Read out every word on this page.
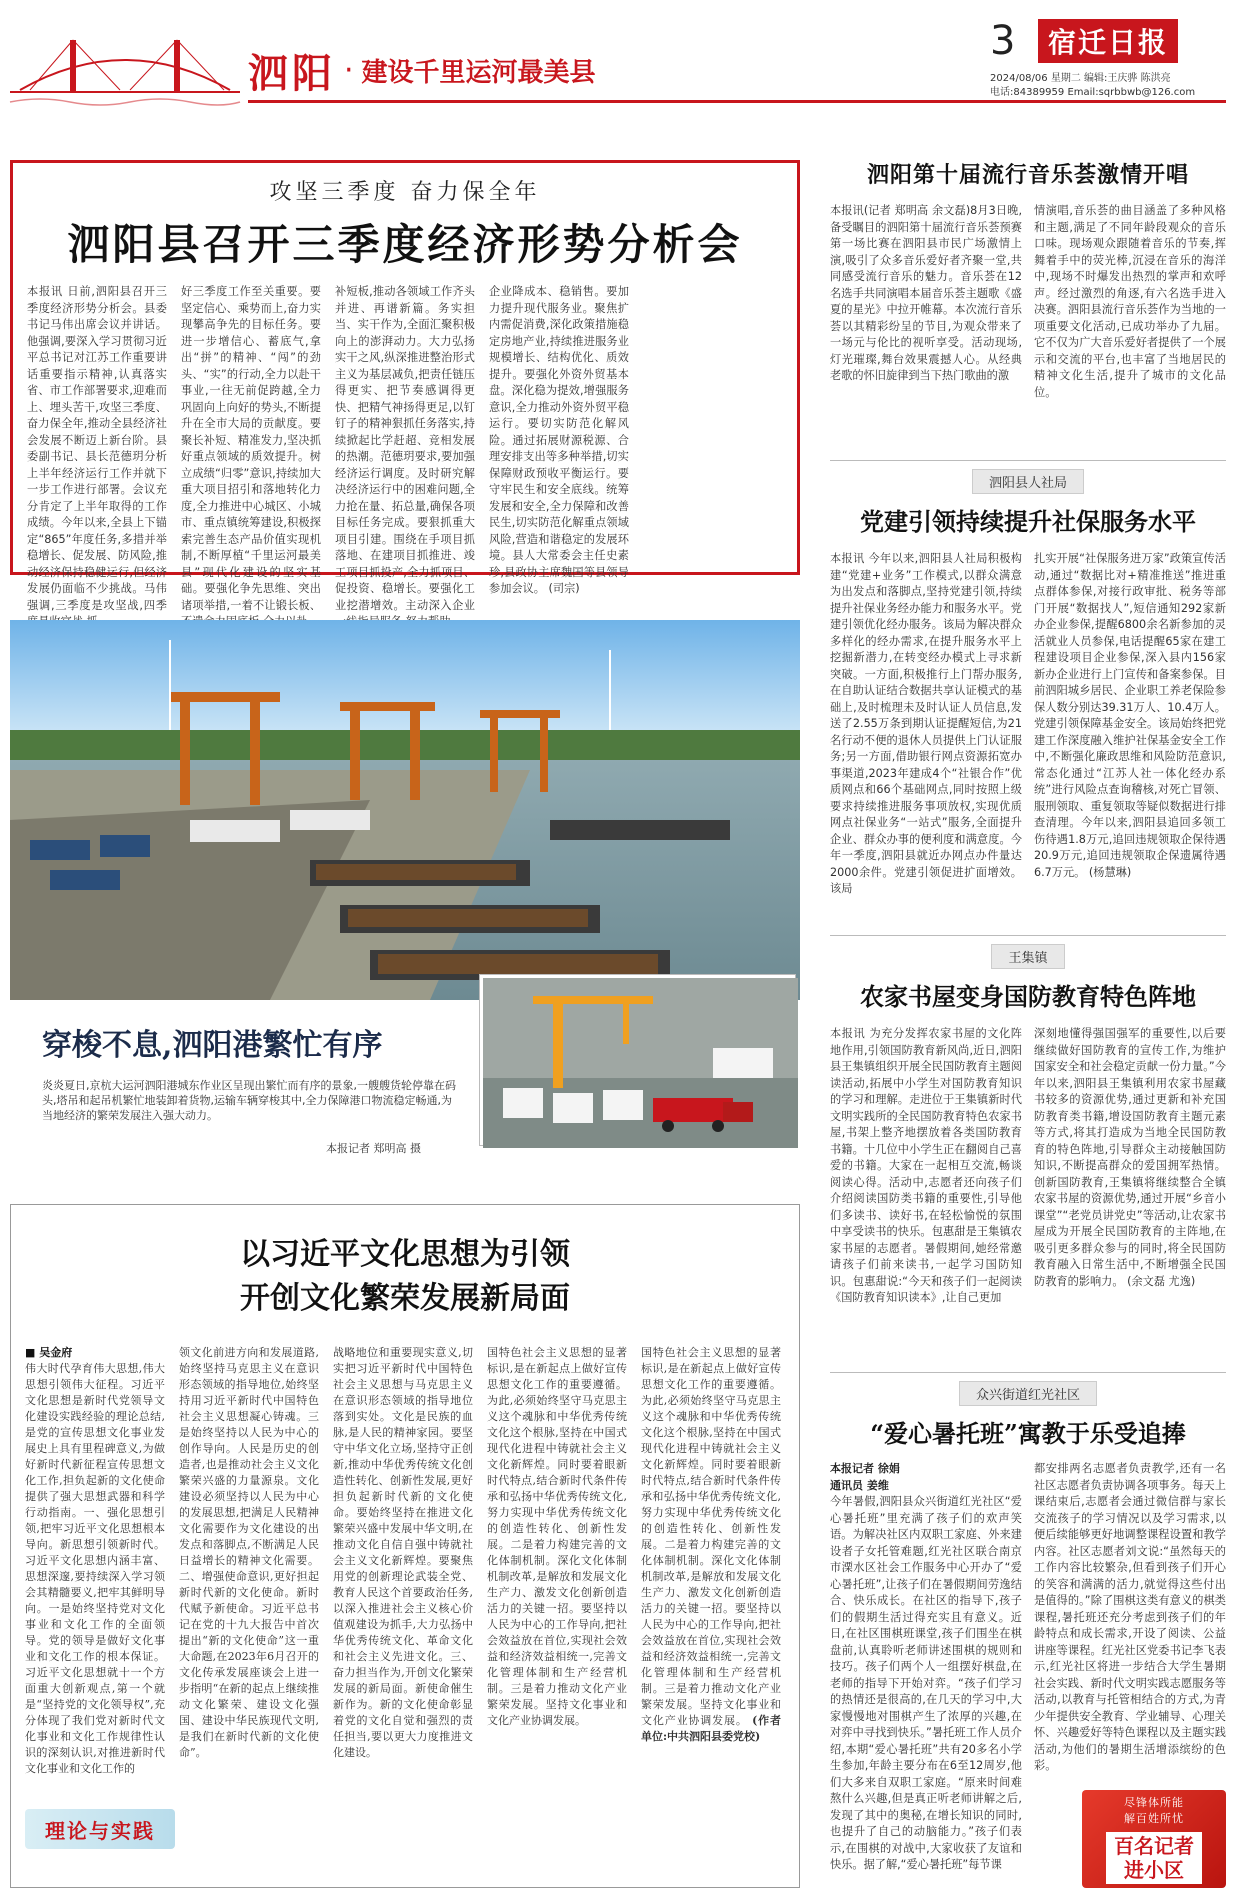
泗阳 · 建设千里运河最美县
3	宿迁日报
2024/08/06 星期二 编辑:王庆骅 陈洪亮
电话:84389959 Email:sqrbbwb@126.com
攻坚三季度 奋力保全年
泗阳县召开三季度经济形势分析会
本报讯 日前,泗阳县召开三季度经济形势分析会。县委书记马伟出席会议并讲话。他强调,要深入学习贯彻习近平总书记对江苏工作重要讲话重要指示精神,认真落实省、市工作部署要求,迎难而上、埋头苦干,攻坚三季度、奋力保全年,推动全县经济社会发展不断迈上新台阶。县委副书记、县长范德玥分析上半年经济运行工作并就下一步工作进行部署。会议充分肯定了上半年取得的工作成绩。今年以来,全县上下锚定“865”年度任务,多措并举稳增长、促发展、防风险,推动经济保持稳健运行,但经济发展仍面临不少挑战。马伟强调,三季度是攻坚战,四季
好三季度工作至关重要。要坚定信心、乘势而上,奋力实现攀高争先的目标任务。要进一步增信心、蓄底气,拿出“拼”的精神、“闯”的劲头、“实”的行动,全力以赴干事业,一往无前促跨越,全力巩固向上向好的势头,不断提升在全市大局的贡献度。要聚长补短、精准发力,坚决抓好重点领域的质效提升。树立成绩“归零”意识,持续加大重大项目招引和落地转化力度,全力推进中心城区、小城市、重点镇统筹建设,积极探索完善生态产品价值实现机制,不断厚植“千里运河最美县”现代化建设的坚实基础。要强化争先思维、突出诸项举措,一着不让锻长板、
补短板,推动各领域工作齐头并进、再谱新篇。务实担当、实干作为,全面汇聚积极向上的澎湃动力。大力弘扬实干之风,纵深推进整治形式主义为基层减负,把责任链压得更实、把节奏感调得更快、把精气神扬得更足,以钉钉子的精神狠抓任务落实,持续掀起比学赶超、竞相发展的热潮。范德玥要求,要加强经济运行调度。及时研究解决经济运行中的困难问题,全力抢在量、拓总量,确保各项目标任务完成。要狠抓重大项目引建。围绕在手项目抓落地、在建项目抓推进、竣工项目抓投产,全力抓项目、促投资、稳增长。要强化工业挖潜增效。主动深入企业
企业降成本、稳销售。要加力提升现代服务业。聚焦扩内需促消费,深化政策措施稳定房地产业,持续推进服务业规模增长、结构优化、质效提升。要强化外资外贸基本盘。深化稳为提效,增强服务意识,全力推动外资外贸平稳运行。要切实防范化解风险。通过拓展财源税源、合理安排支出等多种举措,切实保障财政预收平衡运行。要守牢民生和安全底线。统筹发展和安全,全力保障和改善民生,切实防范化解重点领域风险,营造和谐稳定的发展环境。县人大常委会主任史素珍,县政协主席魏国等县领导参加会议。 (司宗)
穿梭不息,泗阳港繁忙有序
炎炎夏日,京杭大运河泗阳港城东作业区呈现出繁忙而有序的景象,一艘艘货轮停靠在码头,塔吊和起吊机繁忙地装卸着货物,运输车辆穿梭其中,全力保障港口物流稳定畅通,为当地经济的繁荣发展注入强大动力。
本报记者 郑明高 摄
以习近平文化思想为引领
开创文化繁荣发展新局面
■ 吴金府
伟大时代孕育伟大思想,伟大思想引领伟大征程。习近平文化思想是新时代党领导文化建设实践经验的理论总结,是党的宣传思想文化事业发展史上具有里程碑意义,为做好新时代新征程宣传思想文化工作,担负起新的文化使命提供了强大思想武器和科学行动指南。一、强化思想引领,把牢习近平文化思想根本导向。新思想引领新时代。习近平文化思想内涵丰富、思想深邃,要持续深入学习领会其精髓要义,把牢其鲜明导向。一是始终坚持党对文化事业和文化工作的全面领导。党的领导是做好文化事业和文化工作的根本保证。习近平文化思想就十一个方面重大创新观点,第一个就是“坚持党的文化领导权”,充分体现了我们党对新时代文化事业和文化工作规律性认识的深刻认识,对推进新时代文化事业和文化工作的
领文化前进方向和发展道路,始终坚持马克思主义在意识形态领域的指导地位,始终坚持用习近平新时代中国特色社会主义思想凝心铸魂。三是始终坚持以人民为中心的创作导向。人民是历史的创造者,也是推动社会主义文化繁荣兴盛的力量源泉。文化建设必须坚持以人民为中心的发展思想,把满足人民精神文化需要作为文化建设的出发点和落脚点,不断满足人民日益增长的精神文化需要。二、增强使命意识,更好担起新时代新的文化使命。新时代赋予新使命。习近平总书记在党的十九大报告中首次提出“新的文化使命”这一重大命题,在2023年6月召开的文化传承发展座谈会上进一步指明“在新的起点上继续推动文化繁荣、建设文化强国、建设中华民族现代文明,是我们在新时代新的文化使命”。
战略地位和重要现实意义,切实把习近平新时代中国特色社会主义思想与马克思主义在意识形态领域的指导地位落到实处。文化是民族的血脉,是人民的精神家园。要坚守中华文化立场,坚持守正创新,推动中华优秀传统文化创造性转化、创新性发展,更好担负起新时代新的文化使命。要始终坚持在推进文化繁荣兴盛中发展中华文明,在推动文化自信自强中铸就社会主义文化新辉煌。要聚焦用党的创新理论武装全党、教育人民这个首要政治任务,以深入推进社会主义核心价值观建设为抓手,大力弘扬中华优秀传统文化、革命文化和社会主义先进文化。三、奋力担当作为,开创文化繁荣发展的新局面。新使命催生新作为。新的文化使命彰显着党的文化自觉和强烈的责任担当,要以更大力度推进文化建设。
国特色社会主义思想的显著标识,是在新起点上做好宣传思想文化工作的重要遵循。为此,必须始终坚守马克思主义这个魂脉和中华优秀传统文化这个根脉,坚持在中国式现代化进程中铸就社会主义文化新辉煌。同时要着眼新时代特点,结合新时代条件传承和弘扬中华优秀传统文化,努力实现中华优秀传统文化的创造性转化、创新性发展。二是着力构建完善的文化体制机制。深化文化体制机制改革,是解放和发展文化生产力、激发文化创新创造活力的关键一招。要坚持以人民为中心的工作导向,把社会效益放在首位,实现社会效益和经济效益相统一,完善文化管理体制和生产经营机制。三是着力推动文化产业繁荣发展。坚持文化事业和文化产业协调发展。
国特色社会主义思想的显著标识,是在新起点上做好宣传思想文化工作的重要遵循。为此,必须始终坚守马克思主义这个魂脉和中华优秀传统文化这个根脉,坚持在中国式现代化进程中铸就社会主义文化新辉煌。同时要着眼新时代特点,结合新时代条件传承和弘扬中华优秀传统文化,努力实现中华优秀传统文化的创造性转化、创新性发展。二是着力构建完善的文化体制机制。深化文化体制机制改革,是解放和发展文化生产力、激发文化创新创造活力的关键一招。要坚持以人民为中心的工作导向,把社会效益放在首位,实现社会效益和经济效益相统一,完善文化管理体制和生产经营机制。三是着力推动文化产业繁荣发展。坚持文化事业和文化产业协调发展。 (作者单位:中共泗阳县委党校)
理论与实践
泗阳第十届流行音乐荟激情开唱
本报讯(记者 郑明高 余文磊)8月3日晚,备受瞩目的泗阳第十届流行音乐荟预赛第一场比赛在泗阳县市民广场激情上演,吸引了众多音乐爱好者齐聚一堂,共同感受流行音乐的魅力。音乐荟在12名选手共同演唱本届音乐荟主题歌《盛夏的星光》中拉开帷幕。本次流行音乐荟以其精彩纷呈的节目,为观众带来了一场元与伦比的视听享受。活动现场,灯光璀璨,舞台效果震撼人心。从经典老歌的怀旧旋律到当下热门歌曲的激
情演唱,音乐荟的曲目涵盖了多种风格和主题,满足了不同年龄段观众的音乐口味。现场观众跟随着音乐的节奏,挥舞着手中的荧光棒,沉浸在音乐的海洋中,现场不时爆发出热烈的掌声和欢呼声。经过激烈的角逐,有六名选手进入决赛。泗阳县流行音乐荟作为当地的一项重要文化活动,已成功举办了九届。它不仅为广大音乐爱好者提供了一个展示和交流的平台,也丰富了当地居民的精神文化生活,提升了城市的文化品位。
泗阳县人社局
党建引领持续提升社保服务水平
本报讯 今年以来,泗阳县人社局积极构建“党建+业务”工作模式,以群众满意为出发点和落脚点,坚持党建引领,持续提升社保业务经办能力和服务水平。党建引领优化经办服务。该局为解决群众多样化的经办需求,在提升服务水平上挖掘新潜力,在转变经办模式上寻求新突破。一方面,积极推行上门帮办服务,在自助认证结合数据共享认证模式的基础上,及时梳理未及时认证人员信息,发送了2.55万条到期认证提醒短信,为21名行动不便的退休人员提供上门认证服务;另一方面,借助银行网点资源拓宽办事渠道,2023年建成4个“社银合作”优质网点和66个基础网点,同时按照上级要求持续推进服务事项放权,实现优质网点社保业务“一站式”服务,全面提升企业、群众办事的便利度和满意度。今年一季度,泗阳县就近办网点办件量达2000余件。党建引领促进扩面增效。该局
扎实开展“社保服务进万家”政策宣传活动,通过“数据比对+精准推送”推进重点群体参保,对接行政审批、税务等部门开展“数据找人”,短信通知292家新办企业参保,提醒6800余名新参加的灵活就业人员参保,电话提醒65家在建工程建设项目企业参保,深入县内156家新办企业进行上门宣传和备案参保。目前泗阳城乡居民、企业职工养老保险参保人数分别达39.31万人、10.4万人。党建引领保障基金安全。该局始终把党建工作深度融入维护社保基金安全工作中,不断强化廉政思维和风险防范意识,常态化通过“江苏人社一体化经办系统”进行风险点查询稽核,对死亡冒领、服刑领取、重复领取等疑似数据进行排查清理。今年以来,泗阳县追回多领工伤待遇1.8万元,追回违规领取企保待遇20.9万元,追回违规领取企保遗属待遇6.7万元。 (杨慧琳)
王集镇
农家书屋变身国防教育特色阵地
本报讯 为充分发挥农家书屋的文化阵地作用,引领国防教育新风尚,近日,泗阳县王集镇组织开展全民国防教育主题阅读活动,拓展中小学生对国防教育知识的学习和理解。走进位于王集镇新时代文明实践所的全民国防教育特色农家书屋,书架上整齐地摆放着各类国防教育书籍。十几位中小学生正在翻阅自己喜爱的书籍。大家在一起相互交流,畅谈阅读心得。活动中,志愿者还向孩子们介绍阅读国防类书籍的重要性,引导他们多读书、读好书,在轻松愉悦的氛围中享受读书的快乐。包惠甜是王集镇农家书屋的志愿者。暑假期间,她经常邀请孩子们前来读书,一起学习国防知识。包惠甜说:“今天和孩子们一起阅读《国防教育知识读本》,让自己更加
深刻地懂得强国强军的重要性,以后要继续做好国防教育的宣传工作,为维护国家安全和社会稳定贡献一份力量。”今年以来,泗阳县王集镇利用农家书屋藏书较多的资源优势,通过更新和补充国防教育类书籍,增设国防教育主题元素等方式,将其打造成为当地全民国防教育的特色阵地,引导群众主动接触国防知识,不断提高群众的爱国拥军热情。创新国防教育,王集镇将继续整合全镇农家书屋的资源优势,通过开展“乡音小课堂”“老党员讲党史”等活动,让农家书屋成为开展全民国防教育的主阵地,在吸引更多群众参与的同时,将全民国防教育融入日常生活中,不断增强全民国防教育的影响力。 (余文磊 尤逸)
众兴街道红光社区
“爱心暑托班”寓教于乐受追捧
本报记者 徐娟
通讯员 姜维
今年暑假,泗阳县众兴街道红光社区“爱心暑托班”里充满了孩子们的欢声笑语。为解决社区内双职工家庭、外来建设者子女托管难题,红光社区联合南京市溧水区社会工作服务中心开办了“爱心暑托班”,让孩子们在暑假期间劳逸结合、快乐成长。在社区的指导下,孩子们的假期生活过得充实且有意义。近日,在社区围棋班课堂,孩子们围坐在棋盘前,认真聆听老师讲述围棋的规则和技巧。孩子们两个人一组摆好棋盘,在老师的指导下开始对弈。“孩子们学习的热情还是很高的,在几天的学习中,大家慢慢地对围棋产生了浓厚的兴趣,在对弈中寻找到快乐。”暑托班工作人员介绍,本期“爱心暑托班”共有20多名小学生参加,年龄主要分布在6至12周岁,他们大多来自双职工家庭。“原来时间难熬什么兴趣,但是真正听老师讲解之后,发现了其中的奥秘,在增长知识的同时,也提升了自己的动脑能力。”孩子们表示,在围棋的对战中,大家收获了友谊和快乐。据了解,“爱心暑托班”每节课
都安排两名志愿者负责教学,还有一名社区志愿者负责协调各项事务。每天上课结束后,志愿者会通过微信群与家长交流孩子的学习情况以及学习需求,以便后续能够更好地调整课程设置和教学内容。社区志愿者刘文说:“虽然每天的工作内容比较繁杂,但看到孩子们开心的笑容和满满的活力,就觉得这些付出是值得的。”除了围棋这类有意义的棋类课程,暑托班还充分考虑到孩子们的年龄特点和成长需求,开设了阅读、公益讲座等课程。红光社区党委书记李飞表示,红光社区将进一步结合大学生暑期社会实践、新时代文明实践志愿服务等活动,以教育与托管相结合的方式,为青少年提供安全教育、学业辅导、心理关怀、兴趣爱好等特色课程以及主题实践活动,为他们的暑期生活增添缤纷的色彩。
尽锋体所能
解百姓所忧
百名记者
进小区
